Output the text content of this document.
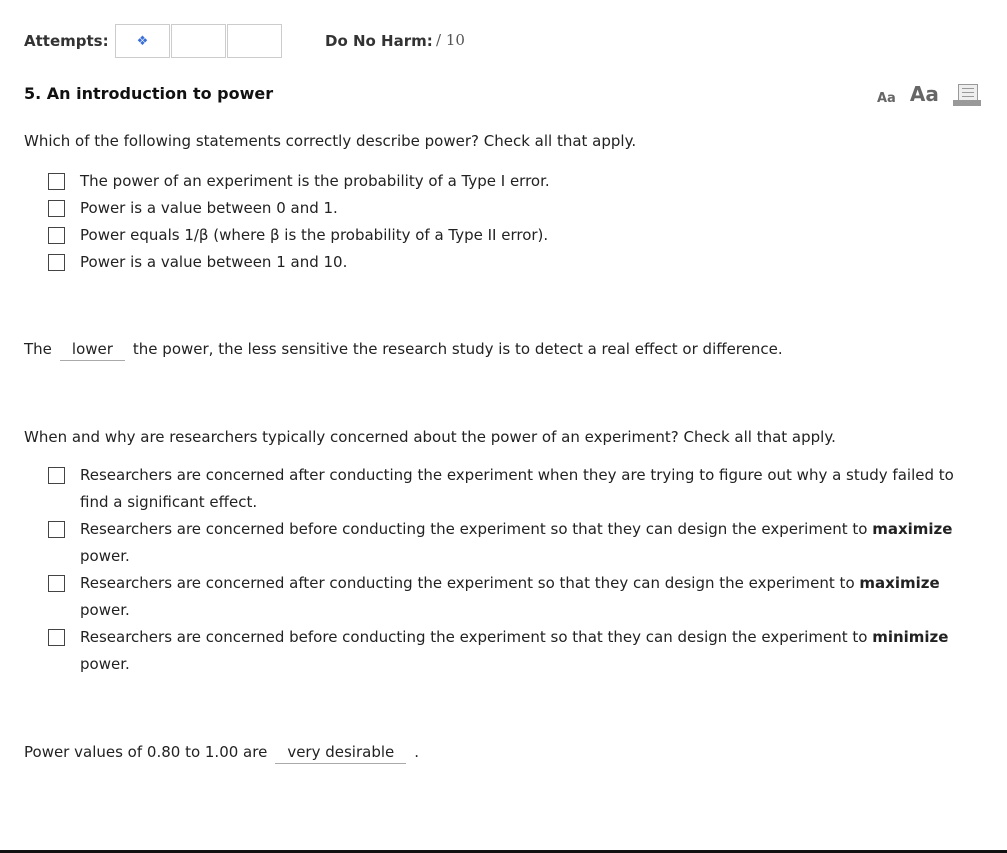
Attempts: ❖	Do No Harm: / 10
5. An introduction to power	Aa Aa
Which of the following statements correctly describe power? Check all that apply.
The power of an experiment is the probability of a Type I error.
Power is a value between 0 and 1.
Power equals 1/β (where β is the probability of a Type II error).
Power is a value between 1 and 10.
The lower the power, the less sensitive the research study is to detect a real effect or difference.
When and why are researchers typically concerned about the power of an experiment? Check all that apply.
Researchers are concerned after conducting the experiment when they are trying to figure out why a study failed to find a significant effect.
Researchers are concerned before conducting the experiment so that they can design the experiment to maximize power.
Researchers are concerned after conducting the experiment so that they can design the experiment to maximize power.
Researchers are concerned before conducting the experiment so that they can design the experiment to minimize power.
Power values of 0.80 to 1.00 are very desirable .
